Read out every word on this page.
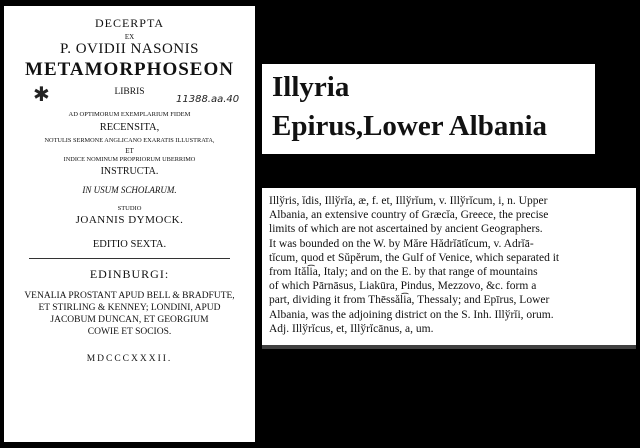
DECERPTA
EX
P. OVIDII NASONIS
METAMORPHOSEON
LIBRIS
AD OPTIMORUM EXEMPLARIUM FIDEM
RECENSITA,
NOTULIS SERMONE ANGLICANO EXARATIS ILLUSTRATA,
ET
INDICE NOMINUM PROPRIORUM UBERRIMO
INSTRUCTA.
IN USUM SCHOLARUM.
STUDIO
JOANNIS DYMOCK.
EDITIO SEXTA.
EDINBURGI:
VENALIA PROSTANT APUD BELL & BRADFUTE,
ET STIRLING & KENNEY; LONDINI, APUD
JACOBUM DUNCAN, ET GEORGIUM
COWIE ET SOCIOS.
MDCCCXXXII.
✱	11388.aa.40 Illyria
Epirus,Lower Albania
Illўris, ĭdis, Illўrĭa, æ, f. et, Illўrĭum, v. Illўrĭcum, i, n. Upper
Albania, an extensive country of Græcĭa, Greece, the precise
limits of which are not ascertained by ancient Geographers.
It was bounded on the W. by Măre Hădrĭātĭcum, v. Adrĭā-
tĭcum, quod et Sŭpĕrum, the Gulf of Venice, which separated it
from Ităl͡ia, Italy; and on the E. by that range of mountains
of which Pārnāsus, Liakūra, Pindus, Mezzovo, &c. form a
part, dividing it from Thēssăl͡ia, Thessaly; and Epīrus, Lower
Albania, was the adjoining district on the S. Inh. Illўrĭi, orum.
Adj. Illўrĭcus, et, Illўrĭcānus, a, um.
